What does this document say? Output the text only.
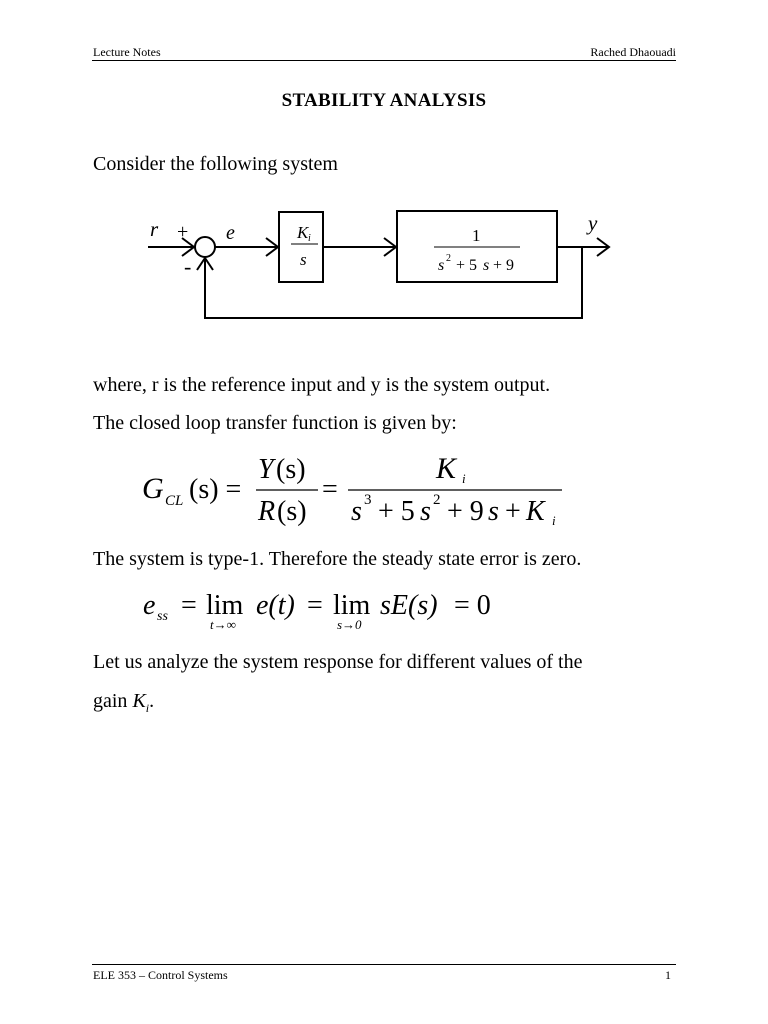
Lecture Notes	Rached Dhaouadi
STABILITY ANALYSIS
Consider the following system
r +
-
e	K i
s
1
s 2 + 5 s + 9
y
where, r is the reference input and y is the system output.
The closed loop transfer function is given by:
G CL (s) =
Y (s)
R (s)
=
K i
s 3 + 5 s 2 + 9 s + K i
The system is type-1. Therefore the steady state error is zero.
e ss = lim
t→∞
e(t) = lim
s→0
sE(s) = 0
Let us analyze the system response for different values of the
gain $K_i$.
ELE 353 – Control Systems	1
